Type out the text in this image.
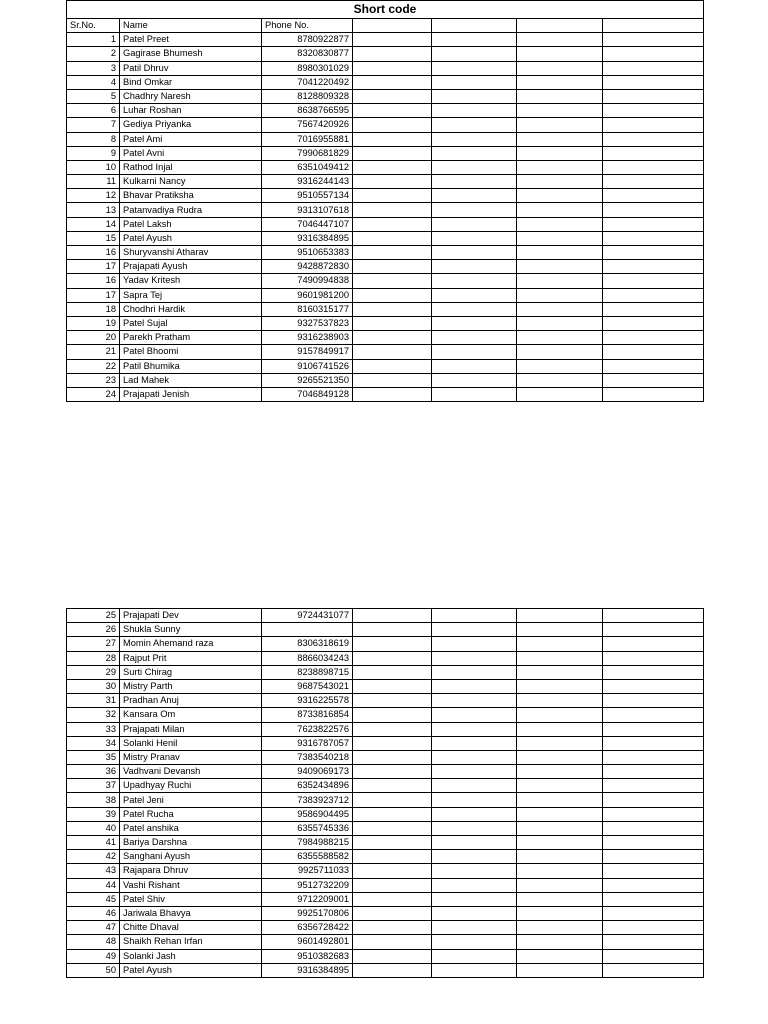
Short code						
Sr.No.	Name	Phone No.				
1	Patel Preet	8780922877				
2	Gagirase Bhumesh	8320830877				
3	Patil Dhruv	8980301029				
4	Bind Omkar	7041220492				
5	Chadhry Naresh	8128809328				
6	Luhar Roshan	8638766595				
7	Gediya Priyanka	7567420926				
8	Patel Ami	7016955881				
9	Patel Avni	7990681829				
10	Rathod Injal	6351049412				
11	Kulkarni Nancy	9316244143				
12	Bhavar Pratiksha	9510557134				
13	Patanvadiya Rudra	9313107618				
14	Patel Laksh	7046447107				
15	Patel Ayush	9316384895				
16	Shuryvanshi Atharav	9510653383				
17	Prajapati Ayush	9428872830				
16	Yadav Kritesh	7490994838				
17	Sapra Tej	9601981200				
18	Chodhri Hardik	8160315177				
19	Patel Sujal	9327537823				
20	Parekh Pratham	9316238903				
21	Patel Bhoomi	9157849917				
22	Patil Bhumika	9106741526				
23	Lad Mahek	9265521350				
24	Prajapati Jenish	7046849128				
25	Prajapati Dev	9724431077				
26	Shukla Sunny					
27	Momin Ahemand raza	8306318619				
28	Rajput Prit	8866034243				
29	Surti Chirag	8238898715				
30	Mistry Parth	9687543021				
31	Pradhan Anuj	9316225578				
32	Kansara Om	8733816854				
33	Prajapati Milan	7623822576				
34	Solanki Henil	9316787057				
35	Mistry Pranav	7383540218				
36	Vadhvani Devansh	9409069173				
37	Upadhyay Ruchi	6352434896				
38	Patel Jeni	7383923712				
39	Patel Rucha	9586904495				
40	Patel anshika	6355745336				
41	Bariya Darshna	7984988215				
42	Sanghani Ayush	6355588582				
43	Rajapara Dhruv	9925711033				
44	Vashi Rishant	9512732209				
45	Patel Shiv	9712209001				
46	Jariwala Bhavya	9925170806				
47	Chitte Dhaval	6356728422				
48	Shaikh Rehan Irfan	9601492801				
49	Solanki Jash	9510382683				
50	Patel Ayush	9316384895				
